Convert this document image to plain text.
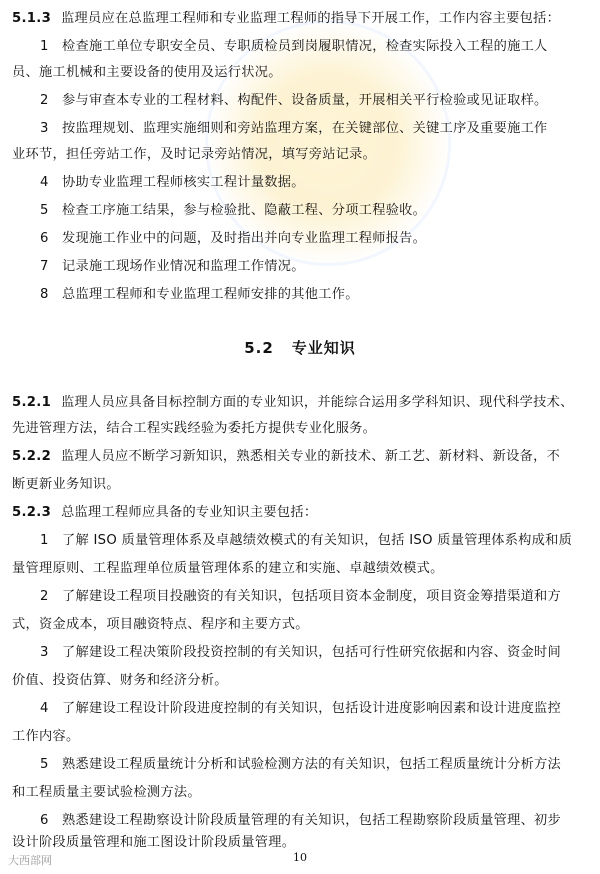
5.1.3 监理员应在总监理工程师和专业监理工程师的指导下开展工作，工作内容主要包括：
1 检查施工单位专职安全员、专职质检员到岗履职情况，检查实际投入工程的施工人
员、施工机械和主要设备的使用及运行状况。
2 参与审查本专业的工程材料、构配件、设备质量，开展相关平行检验或见证取样。
3 按监理规划、监理实施细则和旁站监理方案，在关键部位、关键工序及重要施工作
业环节，担任旁站工作，及时记录旁站情况，填写旁站记录。
4 协助专业监理工程师核实工程计量数据。
5 检查工序施工结果，参与检验批、隐蔽工程、分项工程验收。
6 发现施工作业中的问题，及时指出并向专业监理工程师报告。
7 记录施工现场作业情况和监理工作情况。
8 总监理工程师和专业监理工程师安排的其他工作。
5.2 专业知识
5.2.1 监理人员应具备目标控制方面的专业知识，并能综合运用多学科知识、现代科学技术、
先进管理方法，结合工程实践经验为委托方提供专业化服务。
5.2.2 监理人员应不断学习新知识，熟悉相关专业的新技术、新工艺、新材料、新设备，不
断更新业务知识。
5.2.3 总监理工程师应具备的专业知识主要包括：
1 了解 ISO 质量管理体系及卓越绩效模式的有关知识，包括 ISO 质量管理体系构成和质
量管理原则、工程监理单位质量管理体系的建立和实施、卓越绩效模式。
2 了解建设工程项目投融资的有关知识，包括项目资本金制度，项目资金筹措渠道和方
式，资金成本，项目融资特点、程序和主要方式。
3 了解建设工程决策阶段投资控制的有关知识，包括可行性研究依据和内容、资金时间
价值、投资估算、财务和经济分析。
4 了解建设工程设计阶段进度控制的有关知识，包括设计进度影响因素和设计进度监控
工作内容。
5 熟悉建设工程质量统计分析和试验检测方法的有关知识，包括工程质量统计分析方法
和工程质量主要试验检测方法。
6 熟悉建设工程勘察设计阶段质量管理的有关知识，包括工程勘察阶段质量管理、初步
设计阶段质量管理和施工图设计阶段质量管理。
大西部网	10
